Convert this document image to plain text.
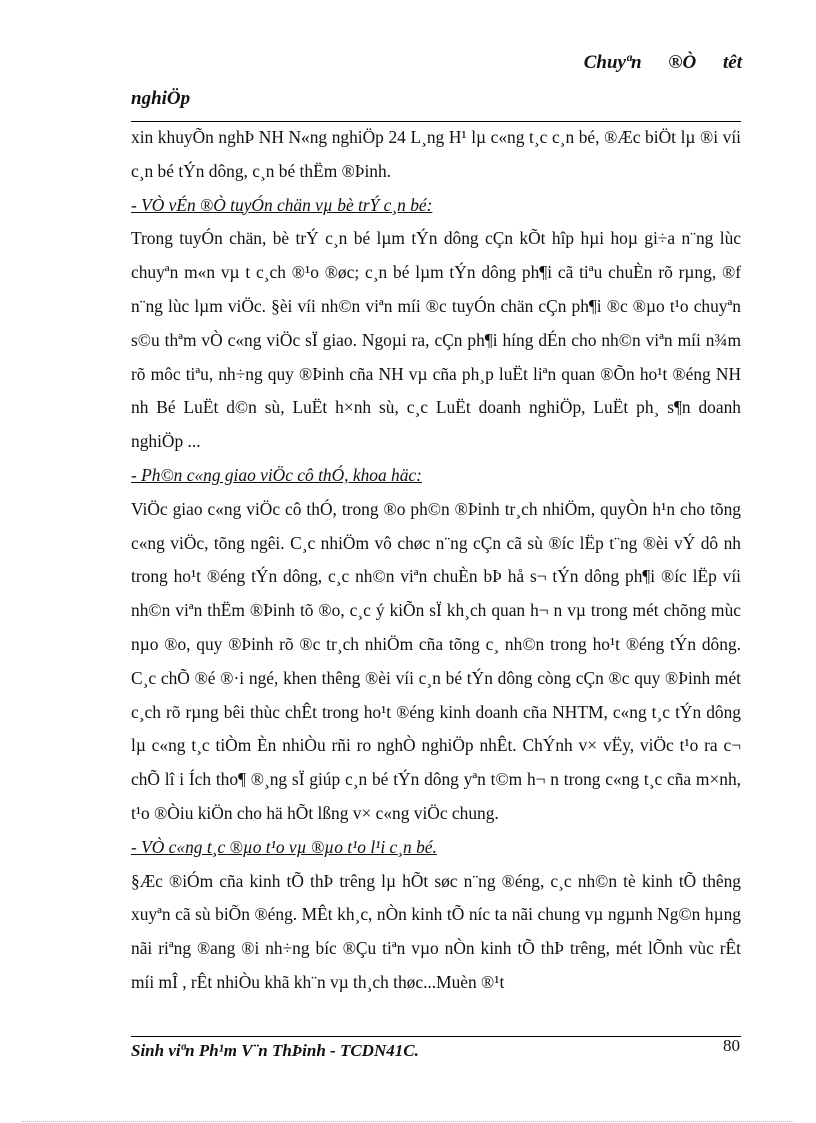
Chuyªn ®Ò têt
nghiÖp

xin khuyÕn nghÞ NH N«ng nghiÖp 24 L¸ng H¹ lµ c«ng t¸c c¸n bé, ®Æc biÖt lµ ®i víi c¸n bé tÝn dông, c¸n bé thËm ®Þinh.

- VÒ vÉn ®Ò tuyÓn chän vµ bè trÝ c¸n bé:

Trong tuyÓn chän, bè trÝ c¸n bé lµm tÝn dông cÇn kÕt hîp hµi hoµ gi÷a n¨ng lùc chuyªn m«n vµ t c¸ch ®¹o ®øc; c¸n bé lµm tÝn dông ph¶i cã tiªu chuÈn rõ rµng, ®f n¨ng lùc lµm viÖc. §èi víi nh©n viªn míi ®c tuyÓn chän cÇn ph¶i ®c ®µo t¹o chuyªn s©u thªm vÒ c«ng viÖc sÏ giao. Ngoµi ra, cÇn ph¶i híng dÉn cho nh©n viªn míi n¾m rõ môc tiªu, nh÷ng quy ®Þinh cña NH vµ cña ph¸p luËt liªn quan ®Õn ho¹t ®éng NH nh Bé LuËt d©n sù, LuËt h×nh sù, c¸c LuËt doanh nghiÖp, LuËt ph¸ s¶n doanh nghiÖp ...

- Ph©n c«ng giao viÖc cô thÓ, khoa häc:

ViÖc giao c«ng viÖc cô thÓ, trong ®o ph©n ®Þinh tr¸ch nhiÖm, quyÒn h¹n cho tõng c«ng viÖc, tõng ngêi. C¸c nhiÖm vô chøc n¨ng cÇn cã sù ®íc lËp t¨ng ®èi vÝ dô nh trong ho¹t ®éng tÝn dông, c¸c nh©n viªn chuÈn bÞ hå s¬ tÝn dông ph¶i ®íc lËp víi nh©n viªn thËm ®Þinh tõ ®o, c¸c ý kiÕn sÏ kh¸ch quan h¬ n vµ trong mét chõng mùc nµo ®o, quy ®Þinh rõ ®c tr¸ch nhiÖm cña tõng c¸ nh©n trong ho¹t ®éng tÝn dông. C¸c chÕ ®é ®·i ngé, khen thêng ®èi víi c¸n bé tÝn dông còng cÇn ®c quy ®Þinh mét c¸ch rõ rµng bêi thùc chÊt trong ho¹t ®éng kinh doanh cña NHTM, c«ng t¸c tÝn dông lµ c«ng t¸c tiÒm Èn nhiÒu rñi ro nghÒ nghiÖp nhÊt. ChÝnh v× vËy, viÖc t¹o ra c¬ chÕ lî i Ích tho¶ ®¸ng sÏ giúp c¸n bé tÝn dông yªn t©m h¬ n trong c«ng t¸c cña m×nh, t¹o ®Òiu kiÖn cho hä hÕt lßng v× c«ng viÖc chung.

- VÒ c«ng t¸c ®µo t¹o vµ ®µo t¹o l¹i c¸n bé.

§Æc ®iÓm cña kinh tÕ thÞ trêng lµ hÕt søc n¨ng ®éng, c¸c nh©n tè kinh tÕ thêng xuyªn cã sù biÕn ®éng. MÊt kh¸c, nÒn kinh tÕ níc ta nãi chung vµ ngµnh Ng©n hµng nãi riªng ®ang ®i nh÷ng bíc ®Çu tiªn vµo nÒn kinh tÕ thÞ trêng, mét lÕnh vùc rÊt míi mÎ , rÊt nhiÒu khã kh¨n vµ th¸ch thøc...Muèn ®¹t

Sinh viªn Ph¹m V¨n ThÞinh - TCDN41C.	80
